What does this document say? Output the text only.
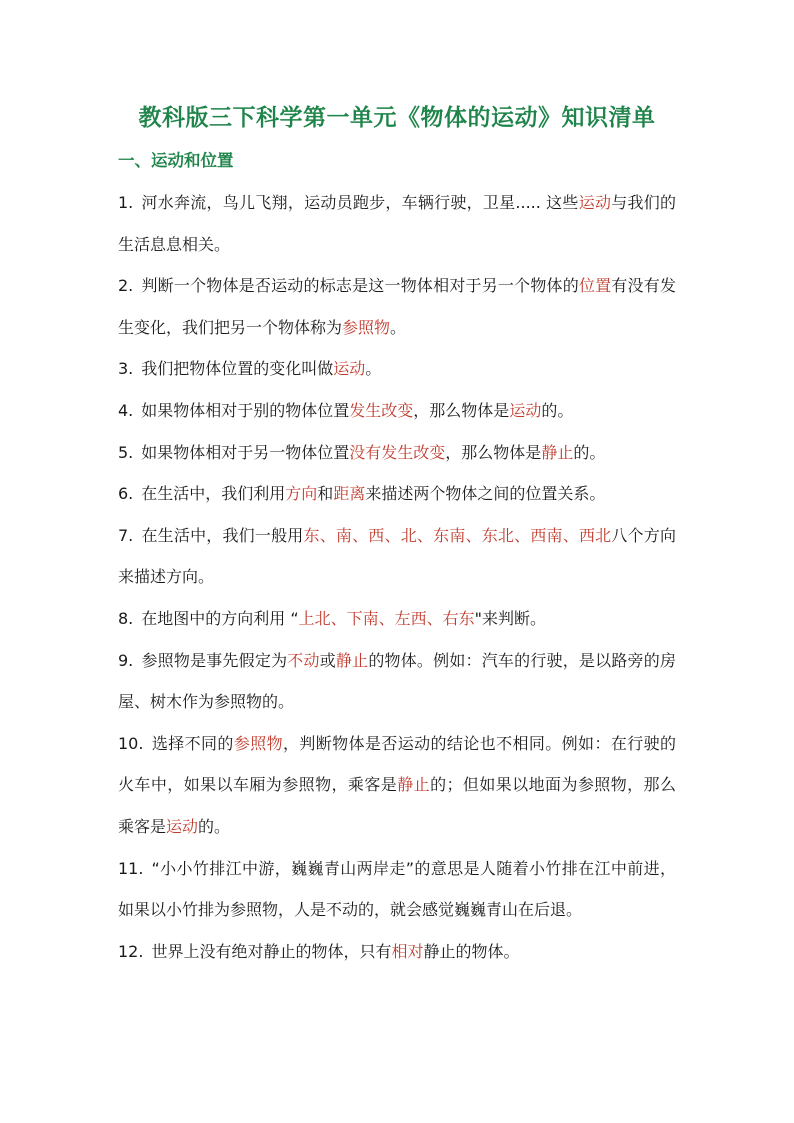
教科版三下科学第一单元《物体的运动》知识清单
一、运动和位置
1. 河水奔流，鸟儿飞翔，运动员跑步，车辆行驶，卫星..... 这些运动与我们的生活息息相关。
2. 判断一个物体是否运动的标志是这一物体相对于另一个物体的位置有没有发生变化，我们把另一个物体称为参照物。
3. 我们把物体位置的变化叫做运动。
4. 如果物体相对于别的物体位置发生改变，那么物体是运动的。
5. 如果物体相对于另一物体位置没有发生改变，那么物体是静止的。
6. 在生活中，我们利用方向和距离来描述两个物体之间的位置关系。
7. 在生活中，我们一般用东、南、西、北、东南、东北、西南、西北八个方向来描述方向。
8. 在地图中的方向利用 “上北、下南、左西、右东"来判断。
9. 参照物是事先假定为不动或静止的物体。例如：汽车的行驶，是以路旁的房屋、树木作为参照物的。
10. 选择不同的参照物，判断物体是否运动的结论也不相同。例如：在行驶的火车中，如果以车厢为参照物，乘客是静止的；但如果以地面为参照物，那么乘客是运动的。
11. “小小竹排江中游，巍巍青山两岸走”的意思是人随着小竹排在江中前进，如果以小竹排为参照物，人是不动的，就会感觉巍巍青山在后退。
12. 世界上没有绝对静止的物体，只有相对静止的物体。
